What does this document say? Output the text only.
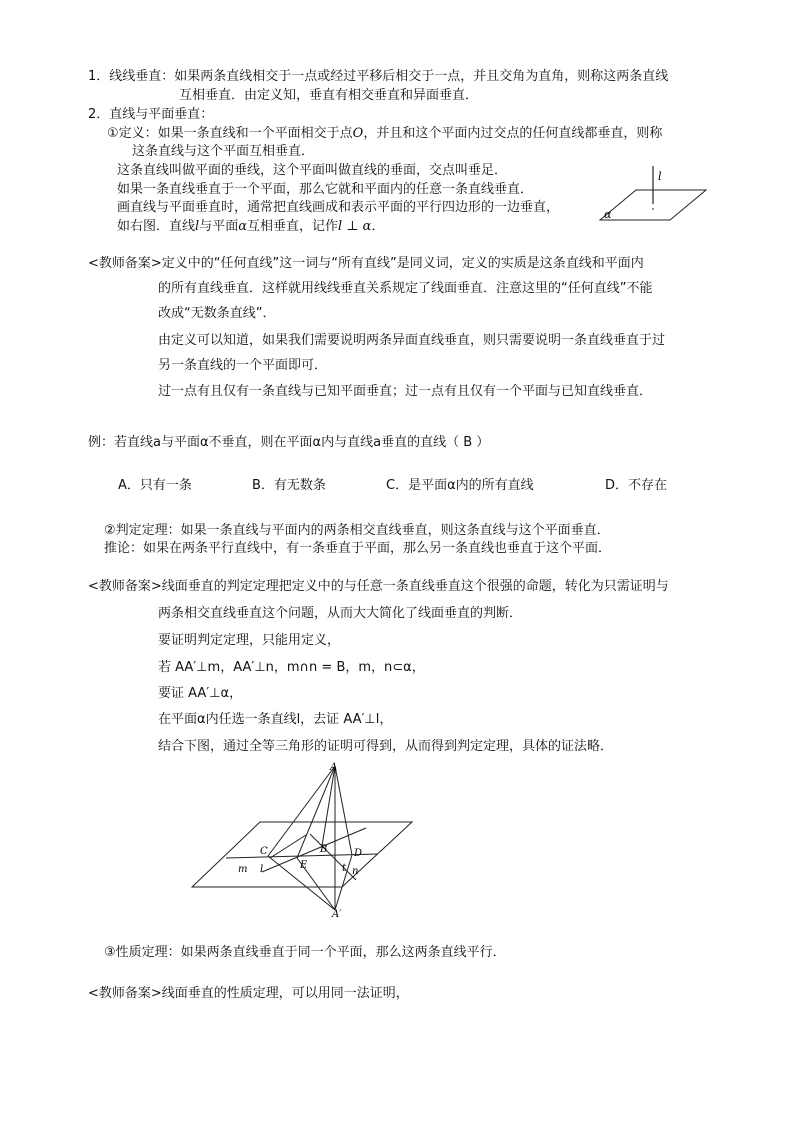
1．线线垂直：如果两条直线相交于一点或经过平移后相交于一点，并且交角为直角，则称这两条直线
互相垂直．由定义知，垂直有相交垂直和异面垂直．
2．直线与平面垂直：
①定义：如果一条直线和一个平面相交于点O，并且和这个平面内过交点的任何直线都垂直，则称
这条直线与这个平面互相垂直．
这条直线叫做平面的垂线，这个平面叫做直线的垂面，交点叫垂足．
如果一条直线垂直于一个平面，那么它就和平面内的任意一条直线垂直．
画直线与平面垂直时，通常把直线画成和表示平面的平行四边形的一边垂直，
如右图．直线l与平面α互相垂直，记作l ⊥ α．
l
α
<教师备案>定义中的“任何直线”这一词与“所有直线”是同义词，定义的实质是这条直线和平面内
的所有直线垂直．这样就用线线垂直关系规定了线面垂直．注意这里的“任何直线”不能
改成“无数条直线”．
由定义可以知道，如果我们需要说明两条异面直线垂直，则只需要说明一条直线垂直于过
另一条直线的一个平面即可．
过一点有且仅有一条直线与已知平面垂直；过一点有且仅有一个平面与已知直线垂直．
例：若直线a与平面α不垂直，则在平面α内与直线a垂直的直线（ B ）
A．只有一条	B．有无数条	C．是平面α内的所有直线	D．不存在
②判定定理：如果一条直线与平面内的两条相交直线垂直，则这条直线与这个平面垂直．
推论：如果在两条平行直线中，有一条垂直于平面，那么另一条直线也垂直于这个平面．
<教师备案>线面垂直的判定定理把定义中的与任意一条直线垂直这个很强的命题，转化为只需证明与
两条相交直线垂直这个问题，从而大大简化了线面垂直的判断．
要证明判定定理，只能用定义，
若 AA′⊥m，AA′⊥n，m∩n = B，m，n⊂α，
要证 AA′⊥α，
在平面α内任选一条直线l，去证 AA′⊥l，
结合下图，通过全等三角形的证明可得到，从而得到判定定理，具体的证法略．
A
A′
B
C	D
E
m l	t n
③性质定理：如果两条直线垂直于同一个平面，那么这两条直线平行．
<教师备案>线面垂直的性质定理，可以用同一法证明，
